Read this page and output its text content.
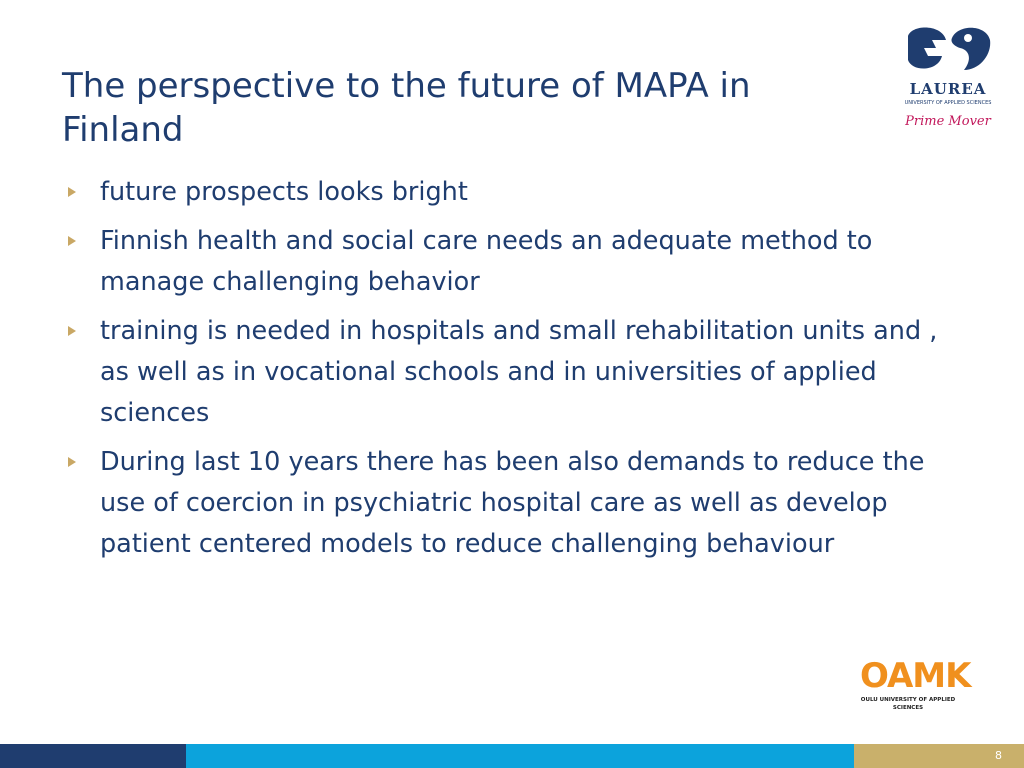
The perspective to the future of MAPA in Finland
future prospects looks bright
Finnish health and social care needs an adequate method to manage challenging behavior
training is needed in hospitals and small rehabilitation units and , as well as in vocational schools and in universities of applied sciences
During last 10 years there has been also demands to reduce the use of coercion in psychiatric hospital care as well as develop patient centered models to reduce challenging behaviour
LAUREA
UNIVERSITY OF APPLIED SCIENCES
Prime Mover
OAMK
OULU UNIVERSITY OF APPLIED SCIENCES
8
